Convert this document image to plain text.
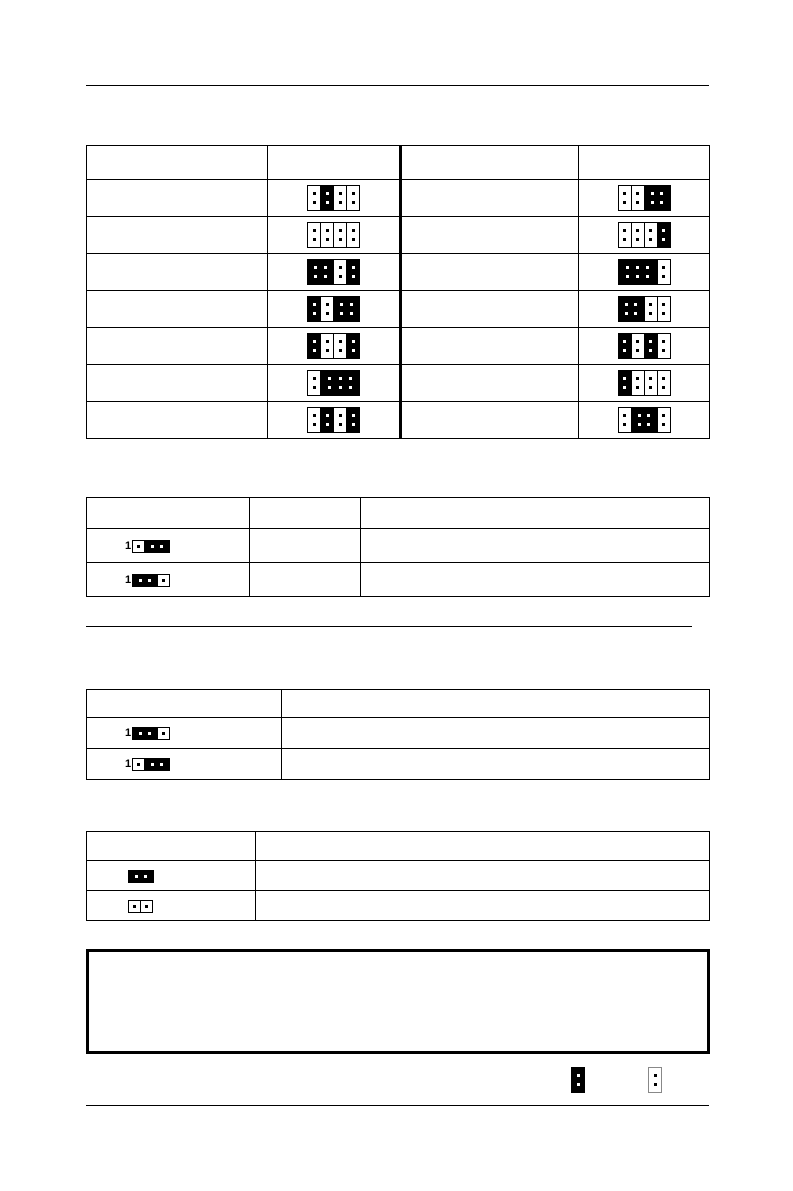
1		

1		

1	

1	
